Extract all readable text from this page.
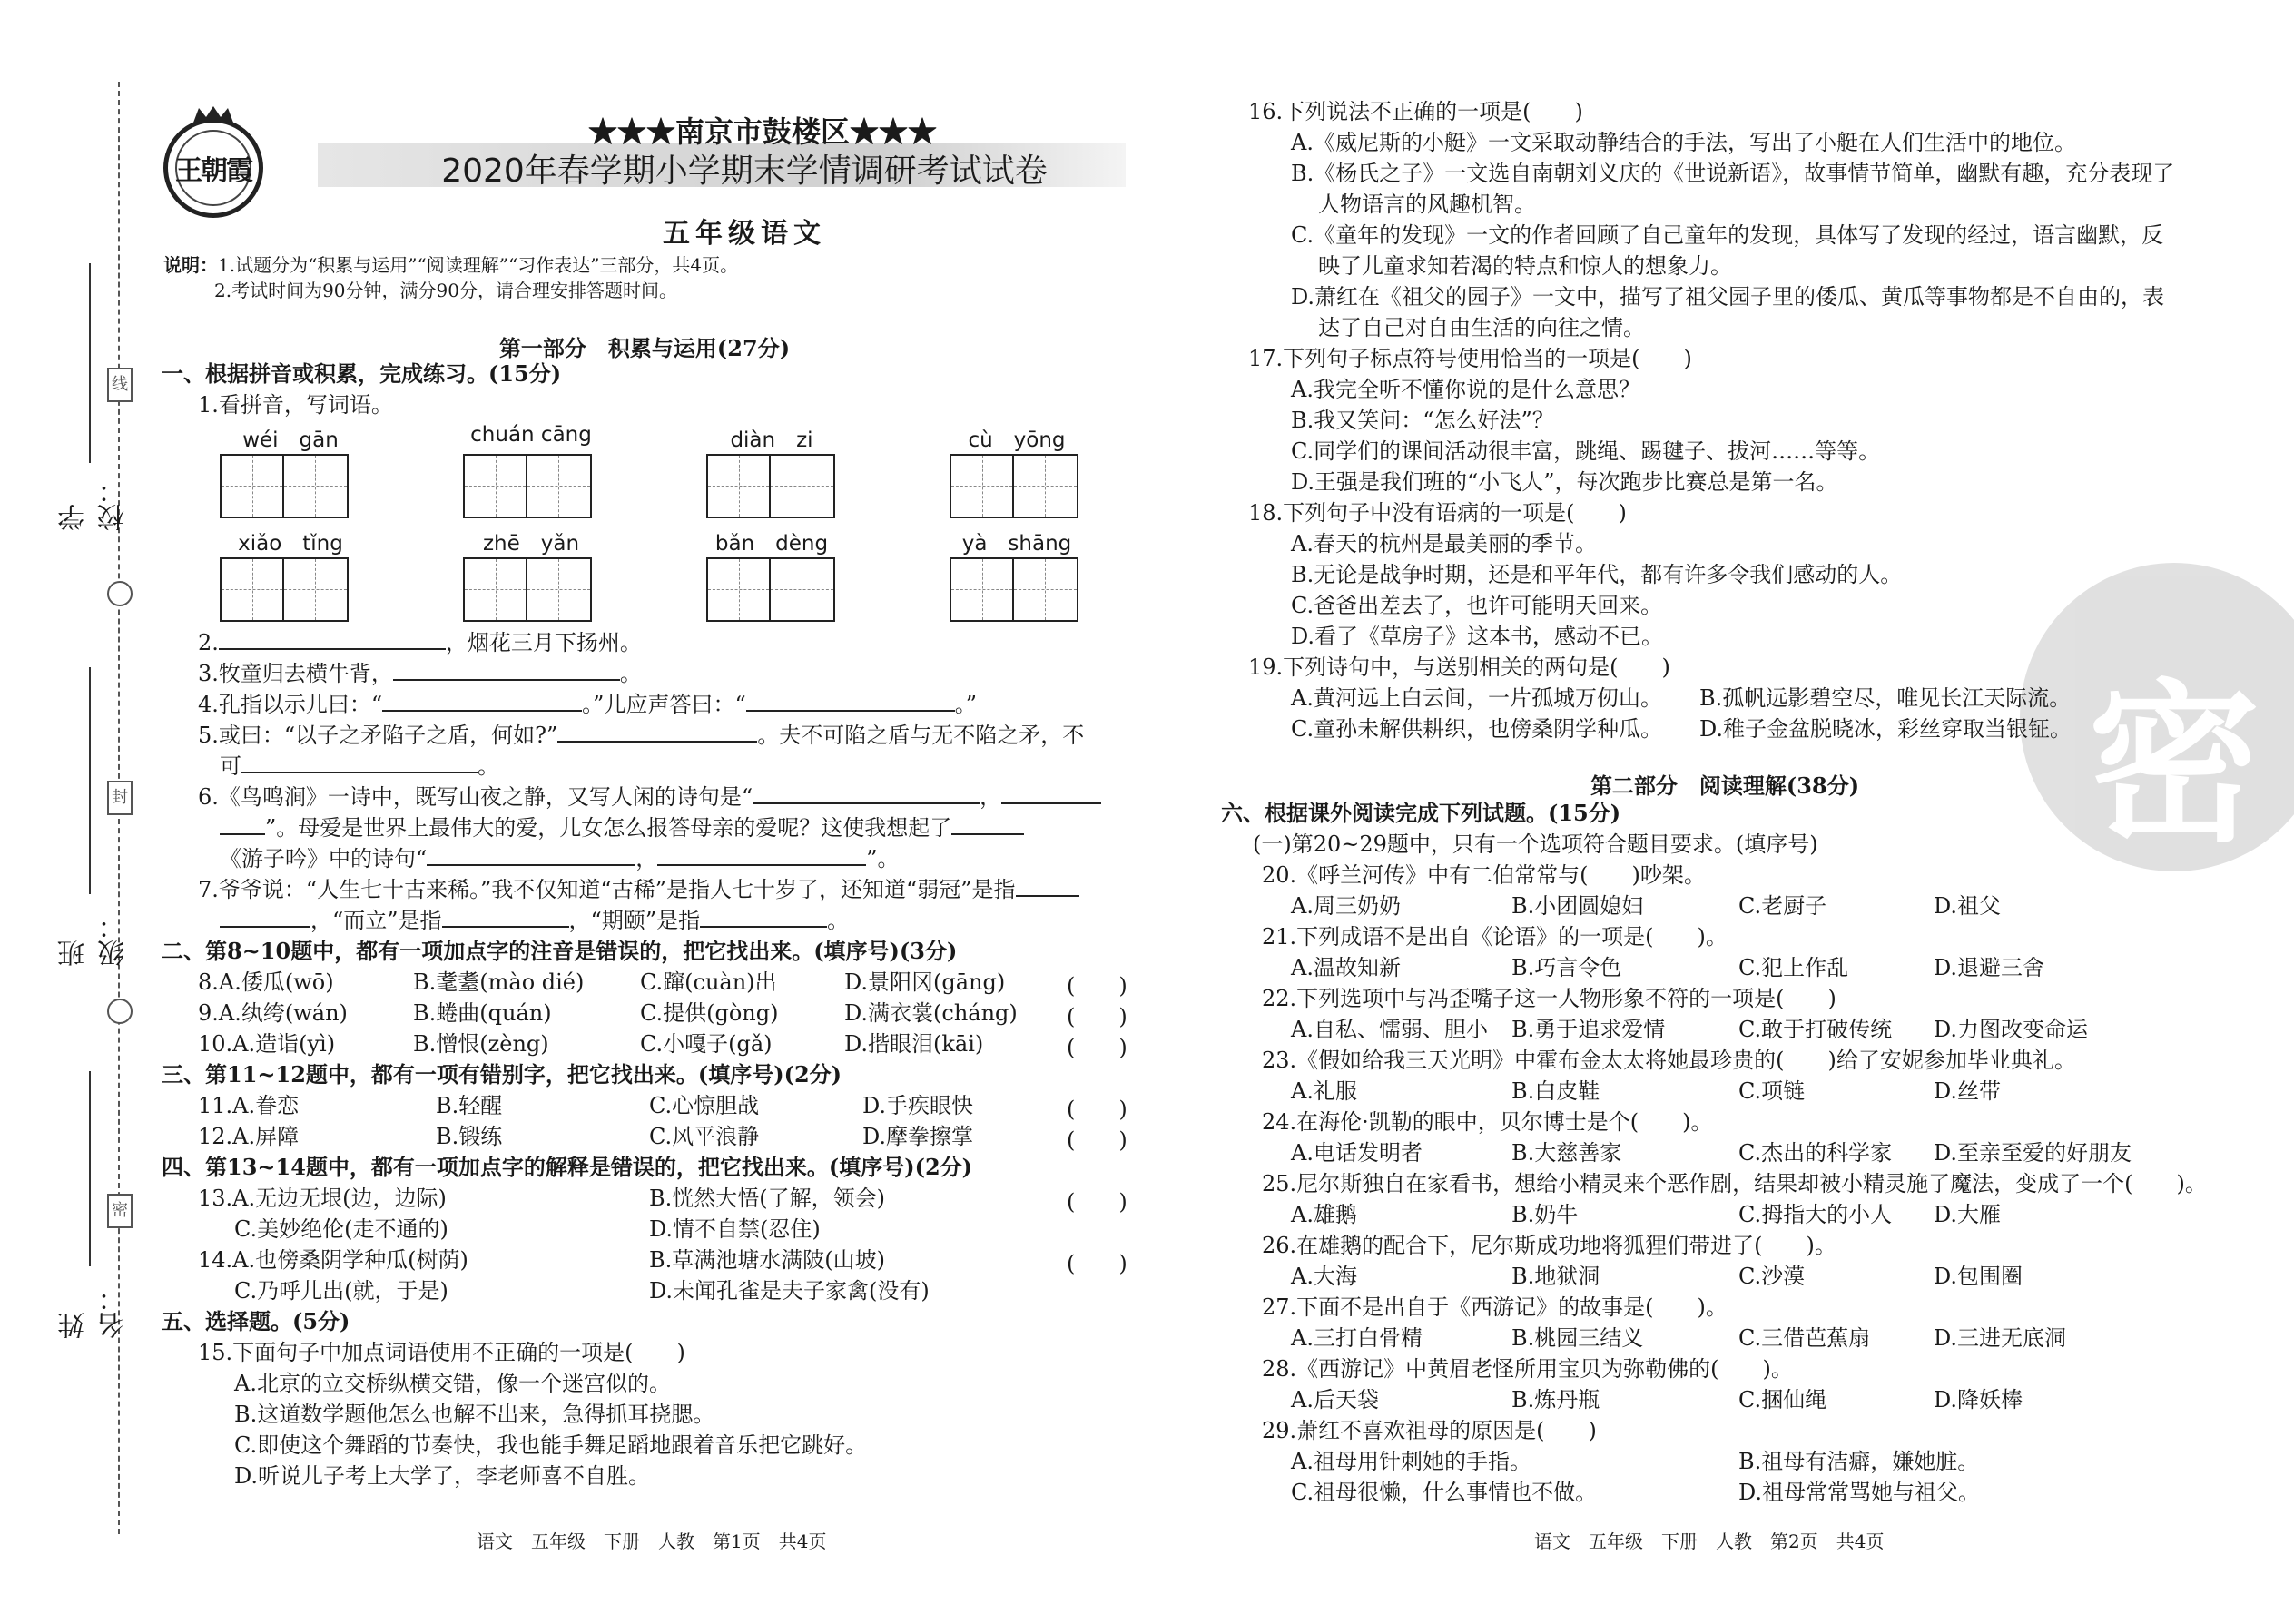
线
封
密
学校：
班级：
姓名：
王朝霞
★★★南京市鼓楼区★★★
2020年春学期小学期末学情调研考试试卷
五年级语文
说明：1.试题分为“积累与运用”“阅读理解”“习作表达”三部分，共4页。
2.考试时间为90分钟，满分90分，请合理安排答题时间。
第一部分　积累与运用(27分)
一、根据拼音或积累，完成练习。(15分)
1.看拼音，写词语。
wéi　gān	chuán cāng	diàn　zi	cù　yōng
xiǎo　tǐng	zhē　yǎn	bǎn　dèng	yà　shāng
2.	，烟花三月下扬州。
3.牧童归去横牛背，	。
4.孔指以示儿曰：“	。”儿应声答曰：“	。”
5.或曰：“以子之矛陷子之盾，何如?”	。夫不可陷之盾与无不陷之矛，不
可	。
6.《鸟鸣涧》一诗中，既写山夜之静，又写人闲的诗句是“	，
”。母爱是世界上最伟大的爱，儿女怎么报答母亲的爱呢？这使我想起了
《游子吟》中的诗句“	，	”。
7.爷爷说：“人生七十古来稀。”我不仅知道“古稀”是指人七十岁了，还知道“弱冠”是指
，“而立”是指	，“期颐”是指	。
二、第8~10题中，都有一项加点字的注音是错误的，把它找出来。(填序号)(3分)
8.A.倭瓜(wō)	B.耄耋(mào dié)	C.蹿(cuàn)出	D.景阳冈(gāng)	(　　)
9.A.纨绔(wán)	B.蜷曲(quán)	C.提供(gòng)	D.满衣裳(cháng) (　　)
10.A.造诣(yì)	B.憎恨(zèng)	C.小嘎子(gǎ)	D.揩眼泪(kāi)	(　　)
三、第11~12题中，都有一项有错别字，把它找出来。(填序号)(2分)
11.A.眷恋	B.轻醒	C.心惊胆战	D.手疾眼快	(　　)
12.A.屏障	B.锻练	C.风平浪静	D.摩拳擦掌	(　　)
四、第13~14题中，都有一项加点字的解释是错误的，把它找出来。(填序号)(2分)
13.A.无边无垠(边，边际)	B.恍然大悟(了解，领会)	(　　)
C.美妙绝伦(走不通的)	D.情不自禁(忍住)
14.A.也傍桑阴学种瓜(树荫)	B.草满池塘水满陂(山坡)	(　　)
C.乃呼儿出(就，于是)	D.未闻孔雀是夫子家禽(没有)
五、选择题。(5分)
15.下面句子中加点词语使用不正确的一项是(　　)
A.北京的立交桥纵横交错，像一个迷宫似的。
B.这道数学题他怎么也解不出来，急得抓耳挠腮。
C.即使这个舞蹈的节奏快，我也能手舞足蹈地跟着音乐把它跳好。
D.听说儿子考上大学了，李老师喜不自胜。
语文　五年级　下册　人教　第1页　共4页
密
16.下列说法不正确的一项是(　　)
A.《威尼斯的小艇》一文采取动静结合的手法，写出了小艇在人们生活中的地位。
B.《杨氏之子》一文选自南朝刘义庆的《世说新语》，故事情节简单，幽默有趣，充分表现了
人物语言的风趣机智。
C.《童年的发现》一文的作者回顾了自己童年的发现，具体写了发现的经过，语言幽默，反
映了儿童求知若渴的特点和惊人的想象力。
D.萧红在《祖父的园子》一文中，描写了祖父园子里的倭瓜、黄瓜等事物都是不自由的，表
达了自己对自由生活的向往之情。
17.下列句子标点符号使用恰当的一项是(　　)
A.我完全听不懂你说的是什么意思？
B.我又笑问：“怎么好法”？
C.同学们的课间活动很丰富，跳绳、踢毽子、拔河……等等。
D.王强是我们班的“小飞人”，每次跑步比赛总是第一名。
18.下列句子中没有语病的一项是(　　)
A.春天的杭州是最美丽的季节。
B.无论是战争时期，还是和平年代，都有许多令我们感动的人。
C.爸爸出差去了，也许可能明天回来。
D.看了《草房子》这本书，感动不已。
19.下列诗句中，与送别相关的两句是(　　)
A.黄河远上白云间，一片孤城万仞山。 B.孤帆远影碧空尽，唯见长江天际流。
C.童孙未解供耕织，也傍桑阴学种瓜。 D.稚子金盆脱晓冰，彩丝穿取当银钲。
第二部分　阅读理解(38分)
六、根据课外阅读完成下列试题。(15分)
(一)第20~29题中，只有一个选项符合题目要求。(填序号)
20.《呼兰河传》中有二伯常常与(　　)吵架。
A.周三奶奶	B.小团圆媳妇	C.老厨子	D.祖父
21.下列成语不是出自《论语》的一项是(　　)。
A.温故知新	B.巧言令色	C.犯上作乱	D.退避三舍
22.下列选项中与冯歪嘴子这一人物形象不符的一项是(　　)
A.自私、懦弱、胆小 B.勇于追求爱情	C.敢于打破传统 D.力图改变命运
23.《假如给我三天光明》中霍布金太太将她最珍贵的(　　)给了安妮参加毕业典礼。
A.礼服	B.白皮鞋	C.项链	D.丝带
24.在海伦·凯勒的眼中，贝尔博士是个(　　)。
A.电话发明者	B.大慈善家	C.杰出的科学家 D.至亲至爱的好朋友
25.尼尔斯独自在家看书，想给小精灵来个恶作剧，结果却被小精灵施了魔法，变成了一个(　　)。
A.雄鹅	B.奶牛	C.拇指大的小人 D.大雁
26.在雄鹅的配合下，尼尔斯成功地将狐狸们带进了(　　)。
A.大海	B.地狱洞	C.沙漠	D.包围圈
27.下面不是出自于《西游记》的故事是(　　)。
A.三打白骨精	B.桃园三结义	C.三借芭蕉扇	D.三进无底洞
28.《西游记》中黄眉老怪所用宝贝为弥勒佛的(　　)。
A.后天袋	B.炼丹瓶	C.捆仙绳	D.降妖棒
29.萧红不喜欢祖母的原因是(　　)
A.祖母用针刺她的手指。	B.祖母有洁癖，嫌她脏。
C.祖母很懒，什么事情也不做。	D.祖母常常骂她与祖父。
语文　五年级　下册　人教　第2页　共4页
